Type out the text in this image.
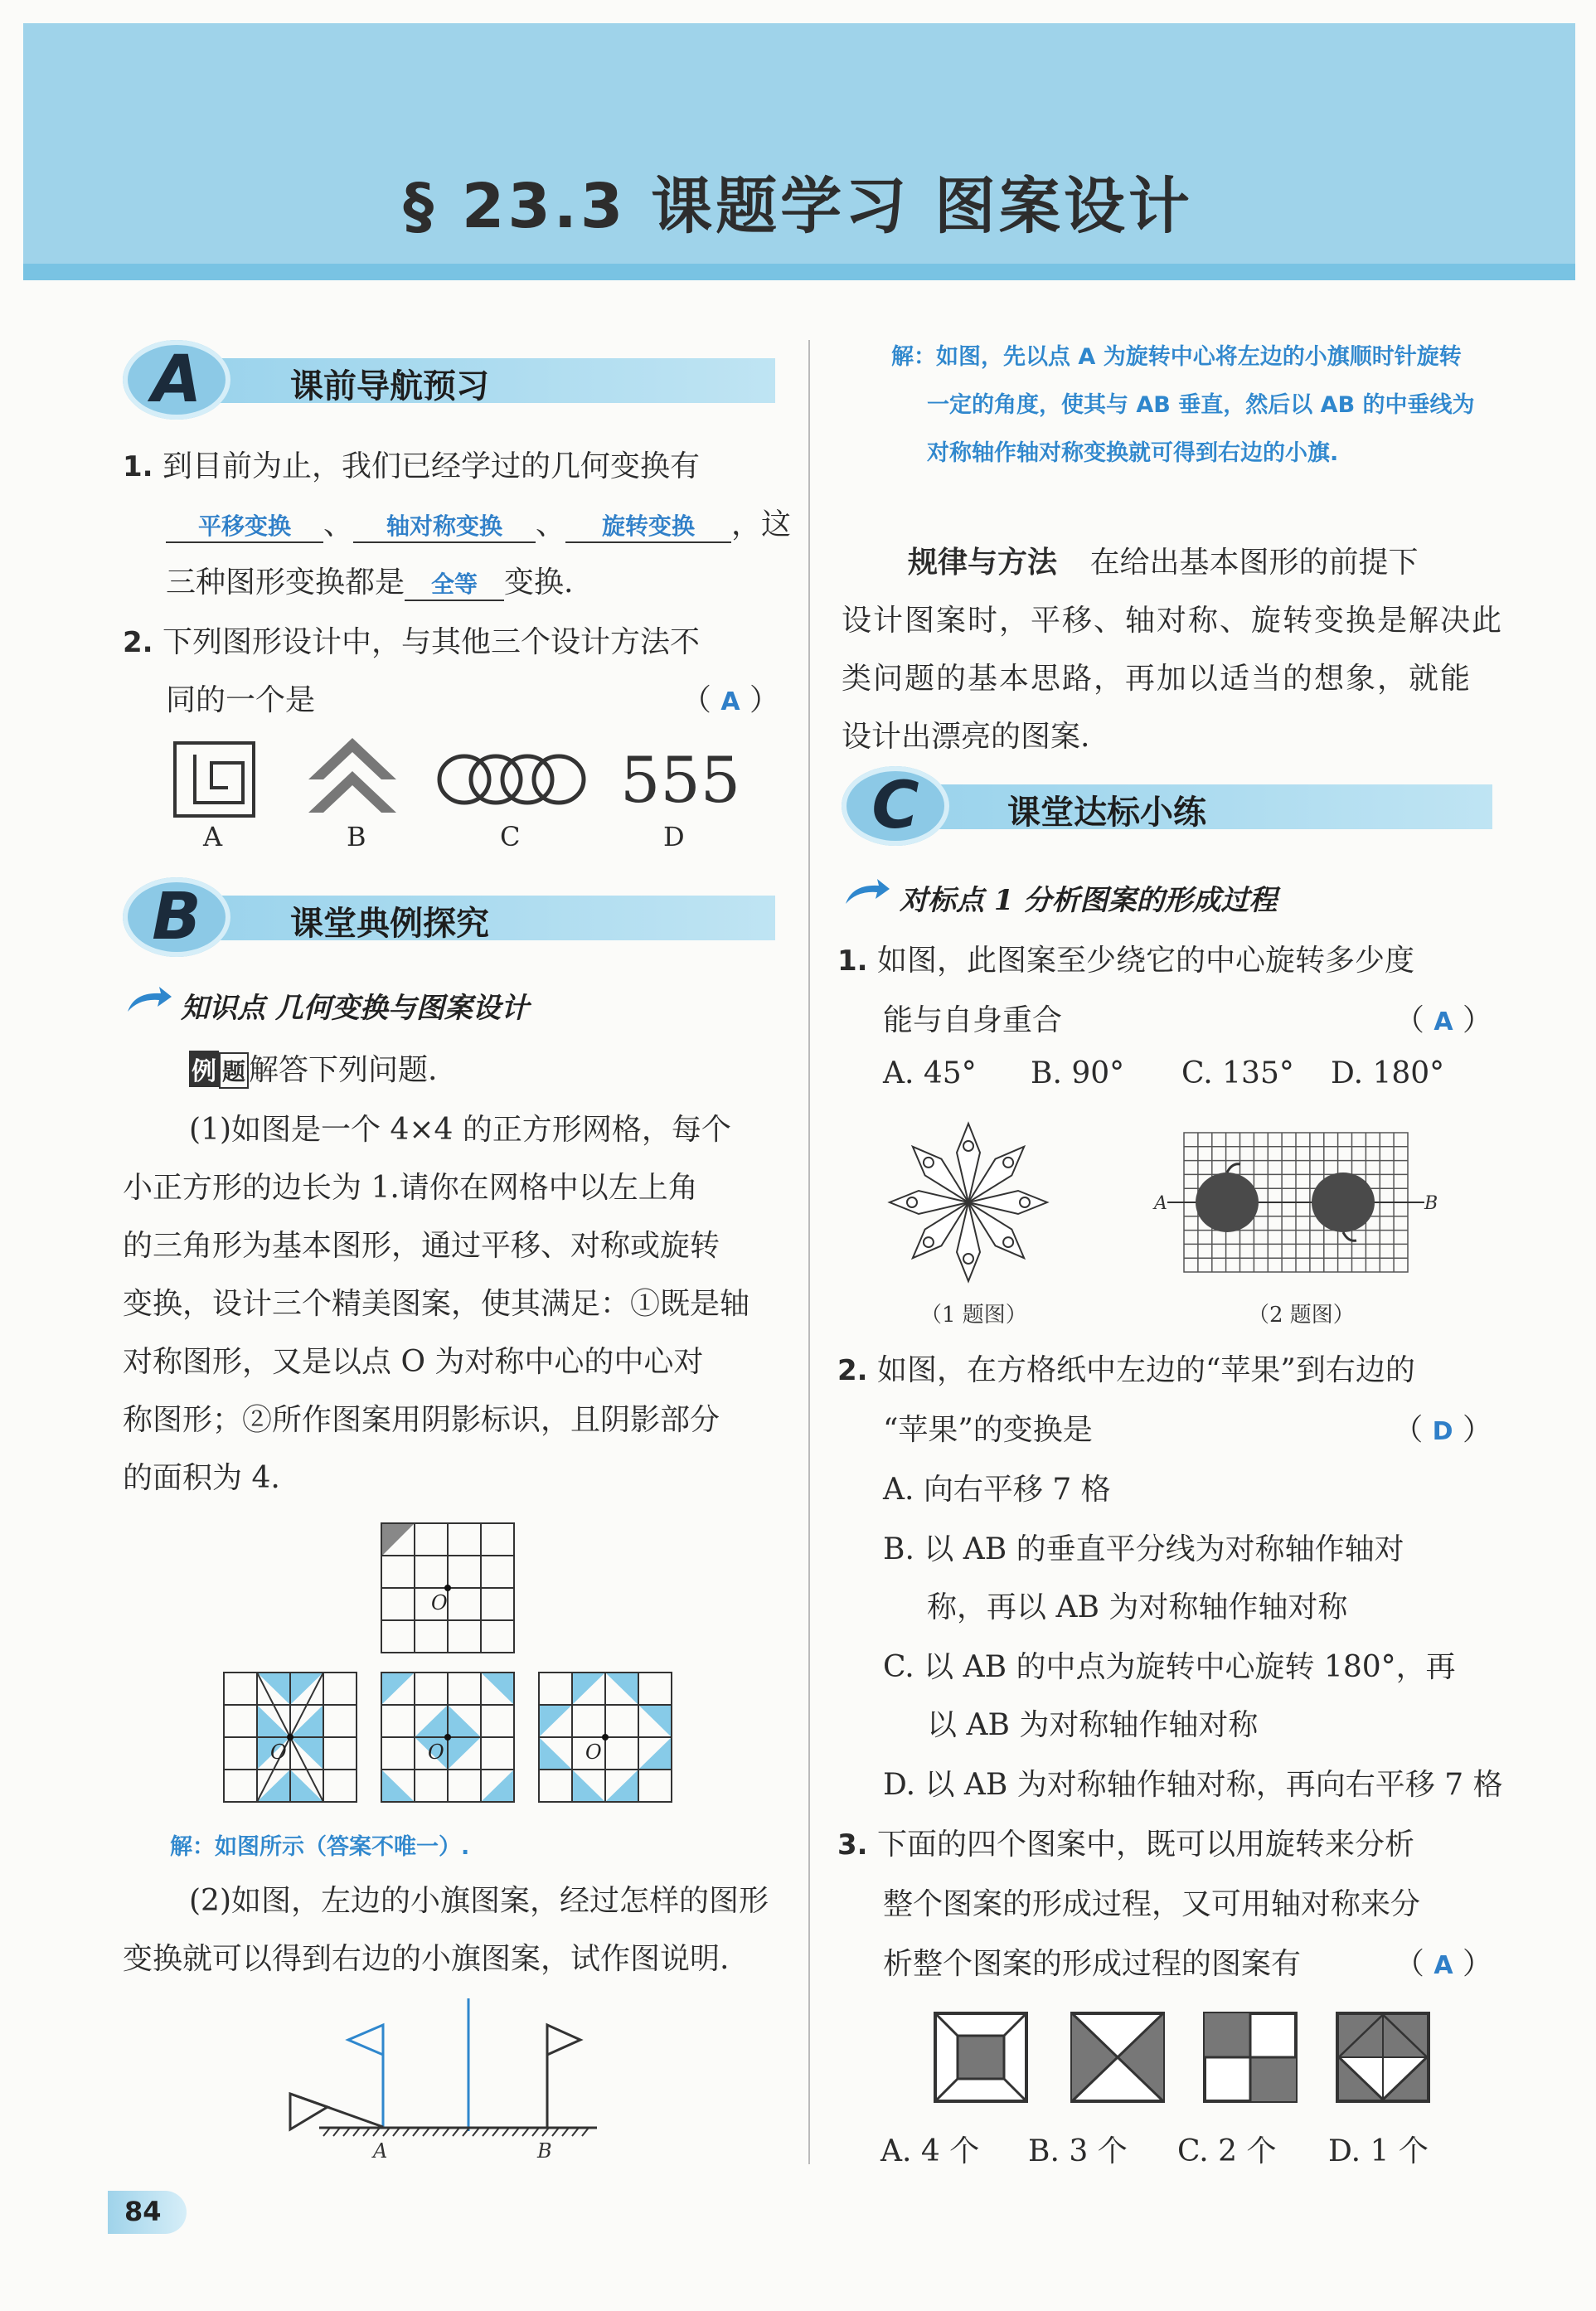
§ 23.3 课题学习 图案设计
A	课前导航预习
1. 到目前为止，我们已经学过的几何变换有
平移变换 、 轴对称变换 、 旋转变换 ，这
三种图形变换都是 全等 变换.
2. 下列图形设计中，与其他三个设计方法不
同的一个是	（ A ）
555
A	B	C	D
B	课堂典例探究
知识点 几何变换与图案设计
例 题 解答下列问题.
(1)如图是一个 4×4 的正方形网格，每个
小正方形的边长为 1.请你在网格中以左上角
的三角形为基本图形，通过平移、对称或旋转
变换，设计三个精美图案，使其满足：①既是轴
对称图形，又是以点 O 为对称中心的中心对
称图形；②所作图案用阴影标识，且阴影部分
的面积为 4.
O
O	O	O
解：如图所示（答案不唯一）.
(2)如图，左边的小旗图案，经过怎样的图形
变换就可以得到右边的小旗图案，试作图说明.
A	B
解：如图，先以点 A 为旋转中心将左边的小旗顺时针旋转
一定的角度，使其与 AB 垂直，然后以 AB 的中垂线为
对称轴作轴对称变换就可得到右边的小旗.
规律与方法 在给出基本图形的前提下
设计图案时，平移、轴对称、旋转变换是解决此
类问题的基本思路，再加以适当的想象，就能
设计出漂亮的图案.
C	课堂达标小练
对标点 1 分析图案的形成过程
1. 如图，此图案至少绕它的中心旋转多少度
能与自身重合	（ A ）
A. 45° B. 90° C. 135° D. 180°
（1 题图）
A	B
（2 题图）
2. 如图，在方格纸中左边的“苹果”到右边的
“苹果”的变换是	（ D ）
A. 向右平移 7 格
B. 以 AB 的垂直平分线为对称轴作轴对
称，再以 AB 为对称轴作轴对称
C. 以 AB 的中点为旋转中心旋转 180°，再
以 AB 为对称轴作轴对称
D. 以 AB 为对称轴作轴对称，再向右平移 7 格
3. 下面的四个图案中，既可以用旋转来分析
整个图案的形成过程，又可用轴对称来分
析整个图案的形成过程的图案有	（ A ）
A. 4 个 B. 3 个 C. 2 个 D. 1 个
84
